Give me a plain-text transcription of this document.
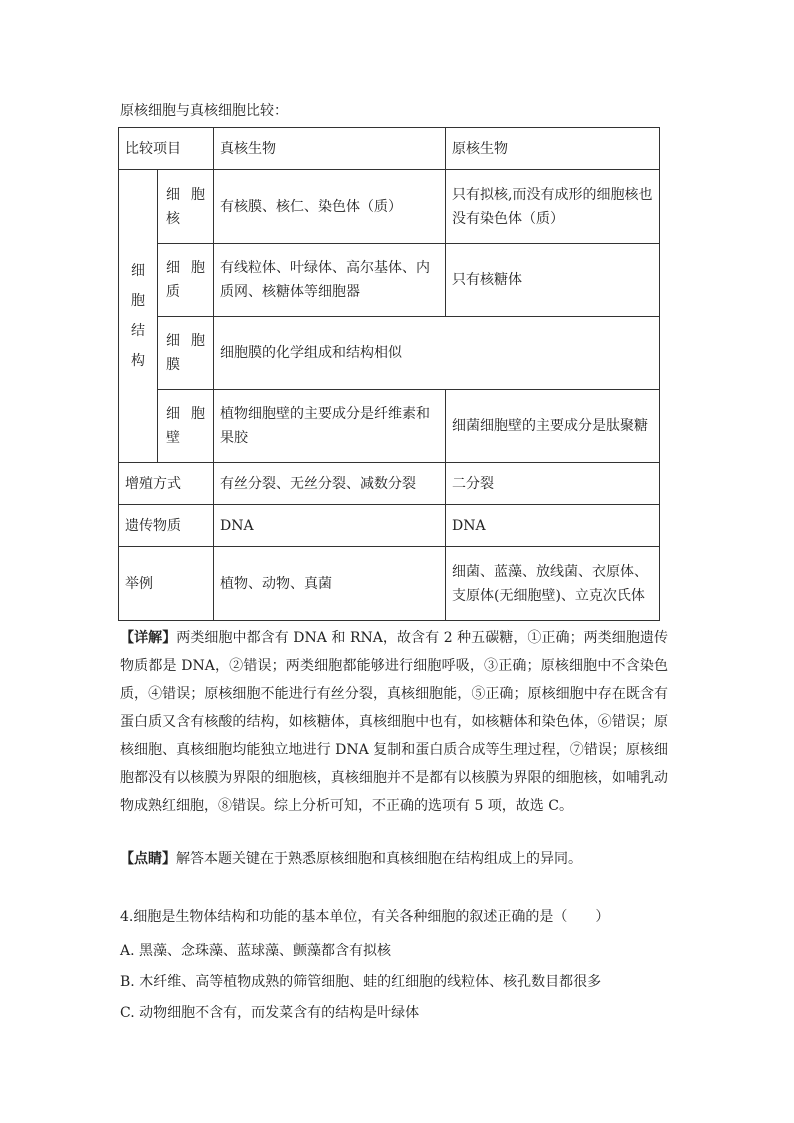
原核细胞与真核细胞比较：
比较项目		真核生物	原核生物

细
胞
结
构	细胞核	有核膜、核仁、染色体（质）	只有拟核,而没有成形的细胞核也没有染色体（质）
	细胞质	有线粒体、叶绿体、高尔基体、内质网、核糖体等细胞器	只有核糖体
	细胞膜	细胞膜的化学组成和结构相似	
	细胞壁	植物细胞壁的主要成分是纤维素和果胶	细菌细胞壁的主要成分是肽聚糖
增殖方式		有丝分裂、无丝分裂、减数分裂	二分裂
遗传物质		DNA	DNA
举例		植物、动物、真菌	细菌、蓝藻、放线菌、衣原体、支原体(无细胞壁)、立克次氏体
【详解】两类细胞中都含有 DNA 和 RNA，故含有 2 种五碳糖，①正确；两类细胞遗传物质都是 DNA，②错误；两类细胞都能够进行细胞呼吸，③正确；原核细胞中不含染色质，④错误；原核细胞不能进行有丝分裂，真核细胞能，⑤正确；原核细胞中存在既含有蛋白质又含有核酸的结构，如核糖体，真核细胞中也有，如核糖体和染色体，⑥错误；原核细胞、真核细胞均能独立地进行 DNA 复制和蛋白质合成等生理过程，⑦错误；原核细胞都没有以核膜为界限的细胞核，真核细胞并不是都有以核膜为界限的细胞核，如哺乳动物成熟红细胞，⑧错误。综上分析可知，不正确的选项有 5 项，故选 C。
【点睛】解答本题关键在于熟悉原核细胞和真核细胞在结构组成上的异同。
4.细胞是生物体结构和功能的基本单位，有关各种细胞的叙述正确的是（　　）
A. 黑藻、念珠藻、蓝球藻、颤藻都含有拟核
B. 木纤维、高等植物成熟的筛管细胞、蛙的红细胞的线粒体、核孔数目都很多
C. 动物细胞不含有，而发菜含有的结构是叶绿体
